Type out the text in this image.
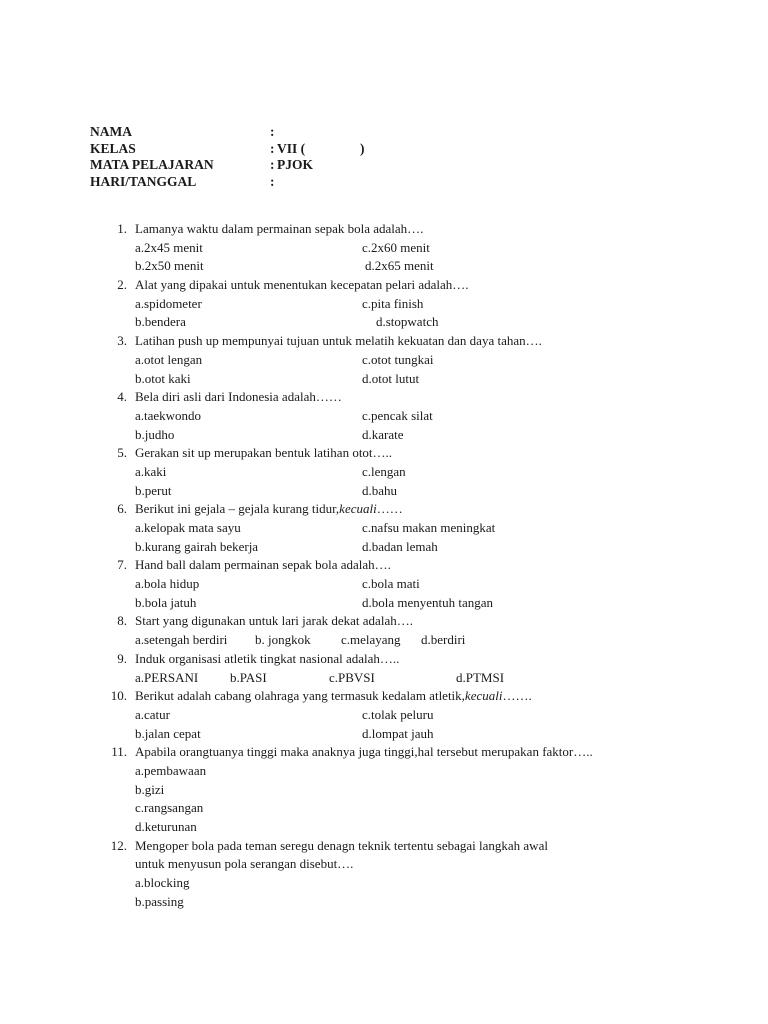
NAMA	:
KELAS	: VII (	)
MATA PELAJARAN	: PJOK
HARI/TANGGAL	:
1. Lamanya waktu dalam permainan sepak bola adalah….
a.2x45 menit	c.2x60 menit
b.2x50 menit	d.2x65 menit
2. Alat yang dipakai untuk menentukan kecepatan pelari adalah….
a.spidometer	c.pita finish
b.bendera	d.stopwatch
3. Latihan push up mempunyai tujuan untuk melatih kekuatan dan daya tahan….
a.otot lengan	c.otot tungkai
b.otot kaki	d.otot lutut
4. Bela diri asli dari Indonesia adalah……
a.taekwondo	c.pencak silat
b.judho	d.karate
5. Gerakan sit up merupakan bentuk latihan otot…..
a.kaki	c.lengan
b.perut	d.bahu
6. Berikut ini gejala – gejala kurang tidur,kecuali……
a.kelopak mata sayu	c.nafsu makan meningkat
b.kurang gairah bekerja	d.badan lemah
7. Hand ball dalam permainan sepak bola adalah….
a.bola hidup	c.bola mati
b.bola jatuh	d.bola menyentuh tangan
8. Start yang digunakan untuk lari jarak dekat adalah….
a.setengah berdiri b. jongkok c.melayang d.berdiri
9. Induk organisasi atletik tingkat nasional adalah…..
a.PERSANI b.PASI	c.PBVSI	d.PTMSI
10. Berikut adalah cabang olahraga yang termasuk kedalam atletik,kecuali…….
a.catur	c.tolak peluru
b.jalan cepat	d.lompat jauh
11. Apabila orangtuanya tinggi maka anaknya juga tinggi,hal tersebut merupakan faktor…..
a.pembawaan
b.gizi
c.rangsangan
d.keturunan
12. Mengoper bola pada teman seregu denagn teknik tertentu sebagai langkah awal
untuk menyusun pola serangan disebut….
a.blocking
b.passing
